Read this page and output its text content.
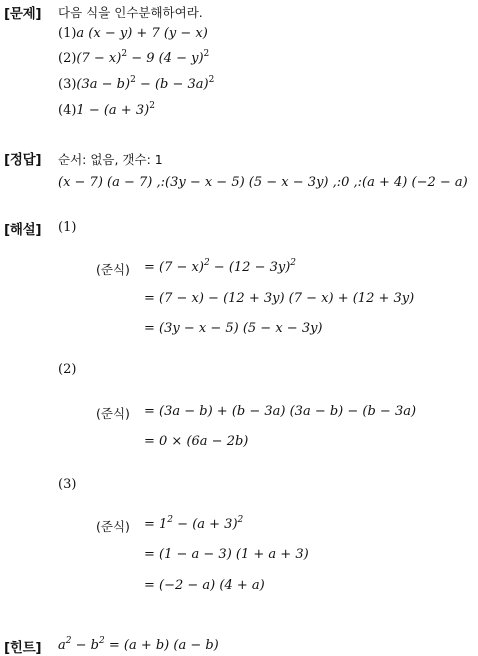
[문제] 다음 식을 인수분해하여라.
(1)a (x − y) + 7 (y − x)
$(2)(7 - x)^2 - 9$ $(4 - y)^2$
$(3)(3a - b)^2 - (b - 3a)^2$
$(4)1 - (a + 3)^2$
[정답] 순서: 없음, 갯수: 1
(x − 7) (a − 7) ,:(3y − x − 5) (5 − x − 3y) ,:0 ,:(a + 4) (−2 − a)
[해설] (1)
(준식) = $(7 - x)^2 - (12 - 3y)^2$
= (7 − x) − (12 + 3y) (7 − x) + (12 + 3y)
= (3y − x − 5) (5 − x − 3y)
(2)
(준식) = (3a − b) + (b − 3a) (3a − b) − (b − 3a)
= 0 × (6a − 2b)
(3)
(준식) = $1^2 - (a + 3)^2$
= (1 − a − 3) (1 + a + 3)
= (−2 − a) (4 + a)
[힌트] $a^2 - b^2 = (a + b) (a - b)$
